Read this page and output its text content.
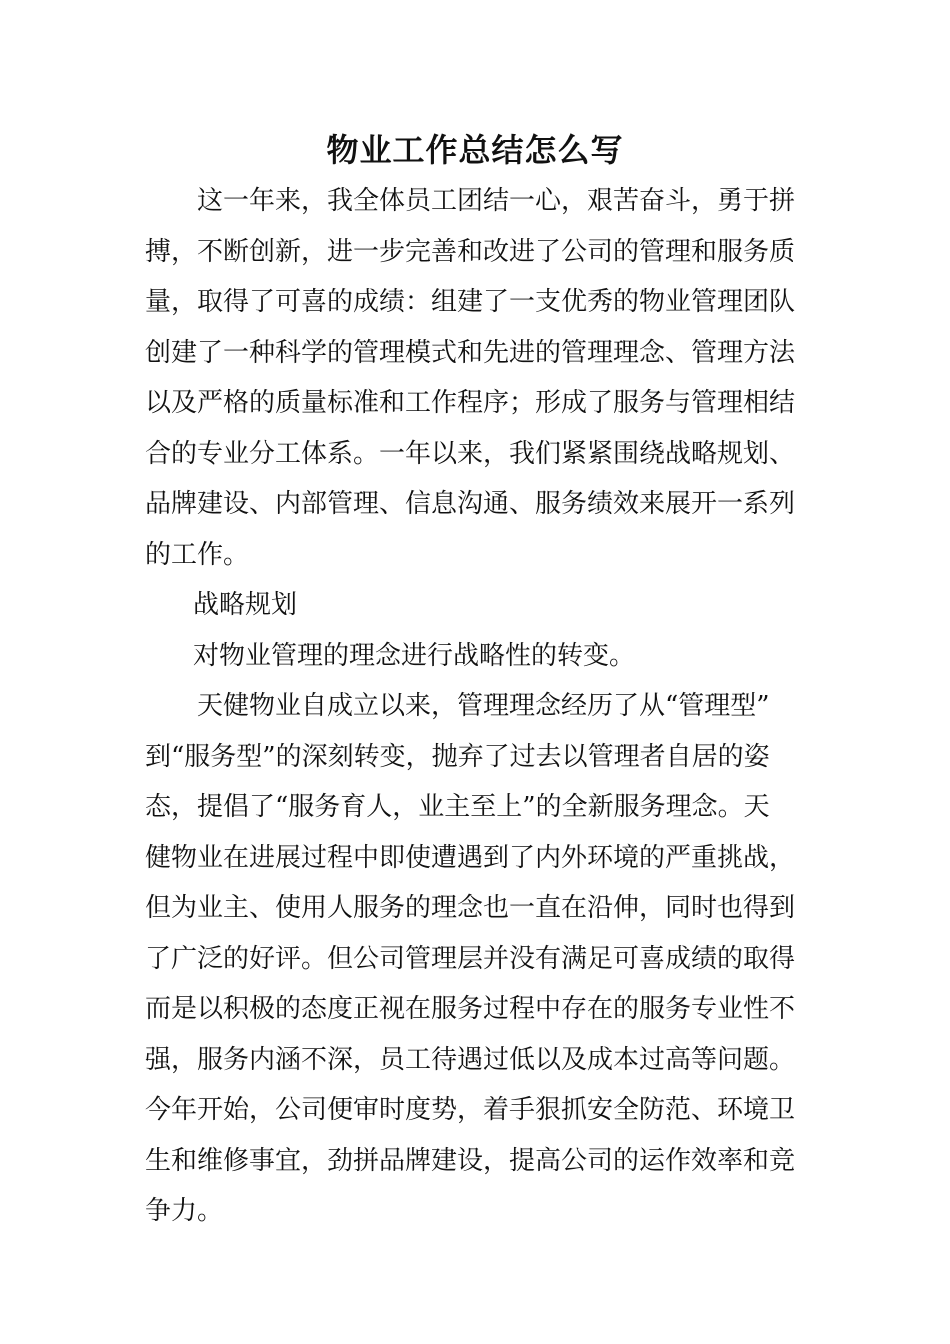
物业工作总结怎么写
这一年来，我全体员工团结一心，艰苦奋斗，勇于拼
搏，不断创新，进一步完善和改进了公司的管理和服务质
量，取得了可喜的成绩：组建了一支优秀的物业管理团队
创建了一种科学的管理模式和先进的管理理念、管理方法
以及严格的质量标准和工作程序；形成了服务与管理相结
合的专业分工体系。一年以来，我们紧紧围绕战略规划、
品牌建设、内部管理、信息沟通、服务绩效来展开一系列
的工作。
战略规划
对物业管理的理念进行战略性的转变。
天健物业自成立以来，管理理念经历了从“管理型”
到“服务型”的深刻转变，抛弃了过去以管理者自居的姿
态，提倡了“服务育人，业主至上”的全新服务理念。天
健物业在进展过程中即使遭遇到了内外环境的严重挑战，
但为业主、使用人服务的理念也一直在沿伸，同时也得到
了广泛的好评。但公司管理层并没有满足可喜成绩的取得
而是以积极的态度正视在服务过程中存在的服务专业性不
强，服务内涵不深，员工待遇过低以及成本过高等问题。
今年开始，公司便审时度势，着手狠抓安全防范、环境卫
生和维修事宜，劲拼品牌建设，提高公司的运作效率和竞
争力。
